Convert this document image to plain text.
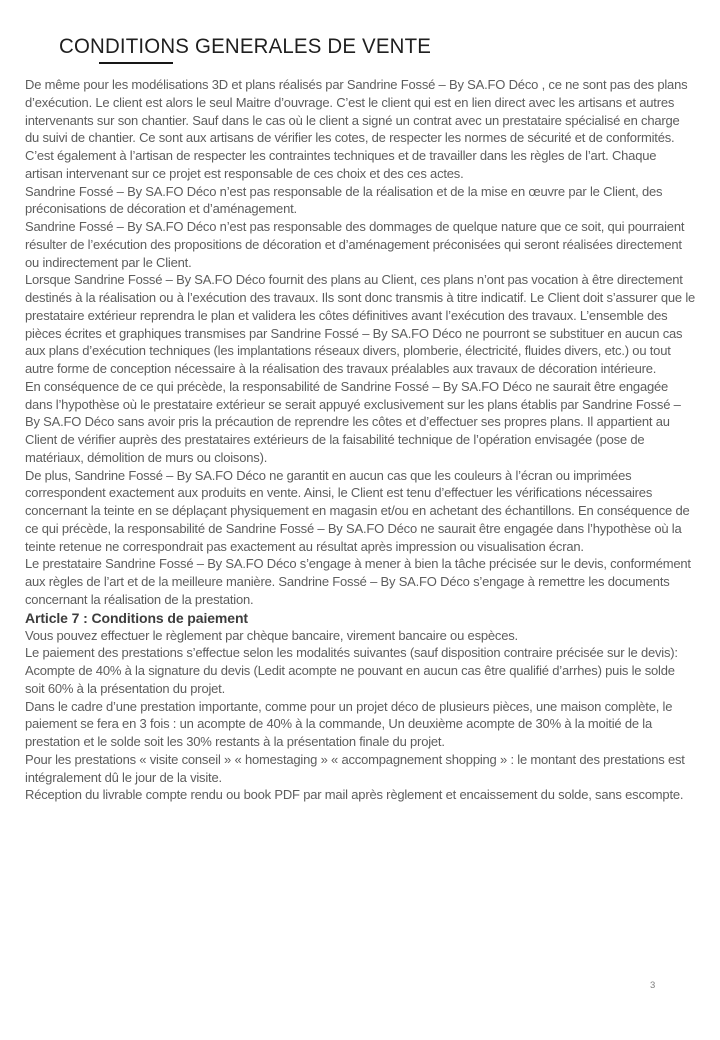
CONDITIONS GENERALES DE VENTE

De même pour les modélisations 3D et plans réalisés par Sandrine Fossé – By SA.FO Déco , ce ne sont pas des plans d’exécution. Le client est alors le seul Maitre d’ouvrage. C’est le client qui est en lien direct avec les artisans et autres intervenants sur son chantier. Sauf dans le cas où le client a signé un contrat avec un prestataire spécialisé en charge du suivi de chantier. Ce sont aux artisans de vérifier les cotes, de respecter les normes de sécurité et de conformités. C’est également à l’artisan de respecter les contraintes techniques et de travailler dans les règles de l’art. Chaque artisan intervenant sur ce projet est responsable de ces choix et des ces actes.

Sandrine Fossé – By SA.FO Déco n’est pas responsable de la réalisation et de la mise en œuvre par le Client, des préconisations de décoration et d’aménagement.

Sandrine Fossé – By SA.FO Déco n’est pas responsable des dommages de quelque nature que ce soit, qui pourraient résulter de l’exécution des propositions de décoration et d’aménagement préconisées qui seront réalisées directement ou indirectement par le Client.

Lorsque Sandrine Fossé – By SA.FO Déco fournit des plans au Client, ces plans n’ont pas vocation à être directement destinés à la réalisation ou à l’exécution des travaux. Ils sont donc transmis à titre indicatif. Le Client doit s’assurer que le prestataire extérieur reprendra le plan et validera les côtes définitives avant l’exécution des travaux. L’ensemble des pièces écrites et graphiques transmises par Sandrine Fossé – By SA.FO Déco ne pourront se substituer en aucun cas aux plans d’exécution techniques (les implantations réseaux divers, plomberie, électricité, fluides divers, etc.) ou tout autre forme de conception nécessaire à la réalisation des travaux préalables aux travaux de décoration intérieure.

En conséquence de ce qui précède, la responsabilité de Sandrine Fossé – By SA.FO Déco ne saurait être engagée dans l’hypothèse où le prestataire extérieur se serait appuyé exclusivement sur les plans établis par Sandrine Fossé – By SA.FO Déco sans avoir pris la précaution de reprendre les côtes et d’effectuer ses propres plans. Il appartient au Client de vérifier auprès des prestataires extérieurs de la faisabilité technique de l’opération envisagée (pose de matériaux, démolition de murs ou cloisons).

De plus, Sandrine Fossé – By SA.FO Déco ne garantit en aucun cas que les couleurs à l’écran ou imprimées correspondent exactement aux produits en vente. Ainsi, le Client est tenu d’effectuer les vérifications nécessaires concernant la teinte en se déplaçant physiquement en magasin et/ou en achetant des échantillons. En conséquence de ce qui précède, la responsabilité de Sandrine Fossé – By SA.FO Déco ne saurait être engagée dans l’hypothèse où la teinte retenue ne correspondrait pas exactement au résultat après impression ou visualisation écran.

Le prestataire Sandrine Fossé – By SA.FO Déco s’engage à mener à bien la tâche précisée sur le devis, conformément aux règles de l’art et de la meilleure manière. Sandrine Fossé – By SA.FO Déco s’engage à remettre les documents concernant la réalisation de la prestation.

Article 7 : Conditions de paiement

Vous pouvez effectuer le règlement par chèque bancaire, virement bancaire ou espèces.

Le paiement des prestations s’effectue selon les modalités suivantes (sauf disposition contraire précisée sur le devis):

Acompte de 40% à la signature du devis (Ledit acompte ne pouvant en aucun cas être qualifié d’arrhes) puis le solde soit 60% à la présentation du projet.

Dans le cadre d’une prestation importante, comme pour un projet déco de plusieurs pièces, une maison complète, le paiement se fera en 3 fois : un acompte de 40% à la commande, Un deuxième acompte de 30% à la moitié de la prestation et le solde soit les 30% restants à la présentation finale du projet.

Pour les prestations « visite conseil » « homestaging » « accompagnement shopping » : le montant des prestations est intégralement dû le jour de la visite.

Réception du livrable compte rendu ou book PDF par mail après règlement et encaissement du solde, sans escompte.

3
